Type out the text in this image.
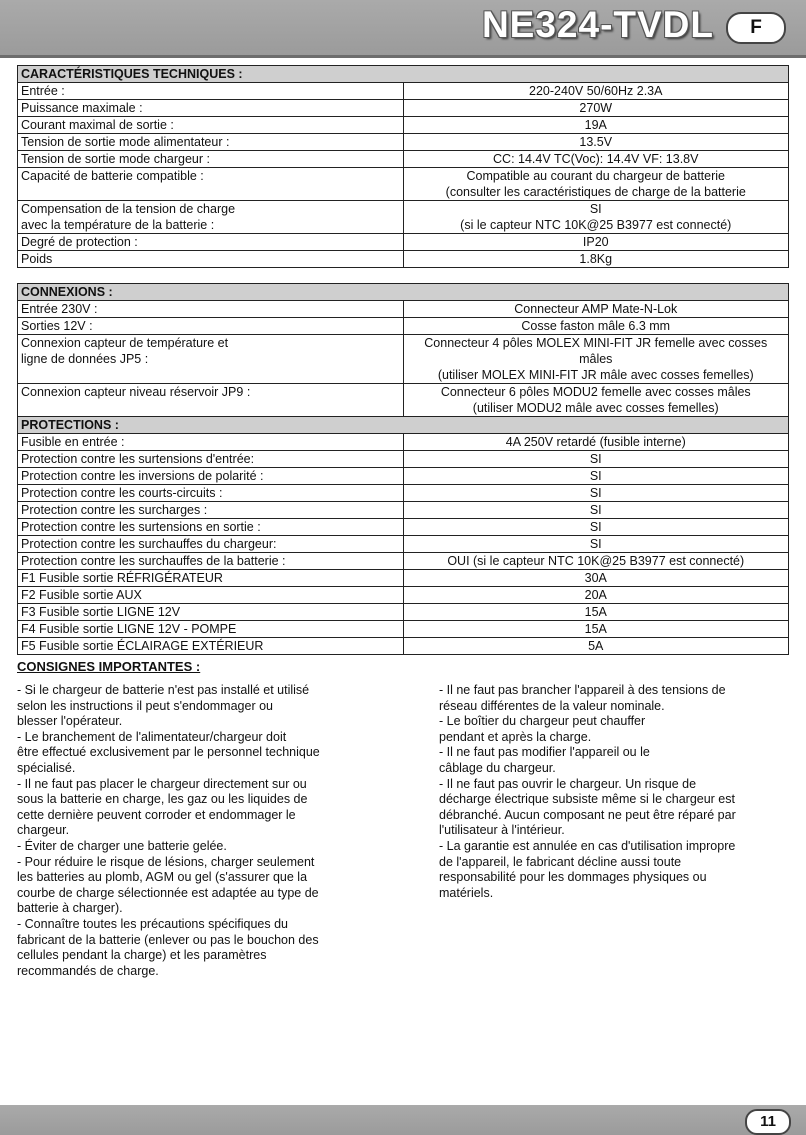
NE324-TVDL	F
CARACTÉRISTIQUES TECHNIQUES :	
Entrée :	220-240V 50/60Hz 2.3A
Puissance maximale :	270W
Courant maximal de sortie :	19A
Tension de sortie mode alimentateur :	13.5V
Tension de sortie mode chargeur :	CC: 14.4V TC(Voc): 14.4V VF: 13.8V
Capacité de batterie compatible :	Compatible au courant du chargeur de batterie
(consulter les caractéristiques de charge de la batterie
Compensation de la tension de charge
avec la température de la batterie :	SI
(si le capteur NTC 10K@25 B3977 est connecté)
Degré de protection :	IP20
Poids	1.8Kg
CONNEXIONS :	
Entrée 230V :	Connecteur AMP Mate-N-Lok
Sorties 12V :	Cosse faston mâle 6.3 mm
Connexion capteur de température et
ligne de données JP5 :	Connecteur 4 pôles MOLEX MINI-FIT JR femelle avec cosses mâles
(utiliser MOLEX MINI-FIT JR mâle avec cosses femelles)
Connexion capteur niveau réservoir JP9 :	Connecteur 6 pôles MODU2 femelle avec cosses mâles
(utiliser MODU2 mâle avec cosses femelles)
PROTECTIONS :	
Fusible en entrée :	4A 250V retardé (fusible interne)
Protection contre les surtensions d'entrée:	SI
Protection contre les inversions de polarité :	SI
Protection contre les courts-circuits :	SI
Protection contre les surcharges :	SI
Protection contre les surtensions en sortie :	SI
Protection contre les surchauffes du chargeur:	SI
Protection contre les surchauffes de la batterie :	OUI (si le capteur NTC 10K@25 B3977 est connecté)
F1 Fusible sortie RÉFRIGÉRATEUR	30A
F2 Fusible sortie AUX	20A
F3 Fusible sortie LIGNE 12V	15A
F4 Fusible sortie LIGNE 12V - POMPE	15A
F5 Fusible sortie ÉCLAIRAGE EXTÉRIEUR	5A
CONSIGNES IMPORTANTES :

- Si le chargeur de batterie n'est pas installé et utilisé

selon les instructions il peut s'endommager ou

blesser l'opérateur.

- Le branchement de l'alimentateur/chargeur doit

être effectué exclusivement par le personnel technique

spécialisé.

- Il ne faut pas placer le chargeur directement sur ou

sous la batterie en charge, les gaz ou les liquides de

cette dernière peuvent corroder et endommager le

chargeur.

- Éviter de charger une batterie gelée.

- Pour réduire le risque de lésions, charger seulement

les batteries au plomb, AGM ou gel (s'assurer que la

courbe de charge sélectionnée est adaptée au type de

batterie à charger).

- Connaître toutes les précautions spécifiques du

fabricant de la batterie (enlever ou pas le bouchon des

cellules pendant la charge) et les paramètres

recommandés de charge.

- Il ne faut pas brancher l'appareil à des tensions de

réseau différentes de la valeur nominale.

- Le boîtier du chargeur peut chauffer

pendant et après la charge.

- Il ne faut pas modifier l'appareil ou le

câblage du chargeur.

- Il ne faut pas ouvrir le chargeur. Un risque de

décharge électrique subsiste même si le chargeur est

débranché. Aucun composant ne peut être réparé par

l'utilisateur à l'intérieur.

- La garantie est annulée en cas d'utilisation impropre

de l'appareil, le fabricant décline aussi toute

responsabilité pour les dommages physiques ou

matériels.

11
